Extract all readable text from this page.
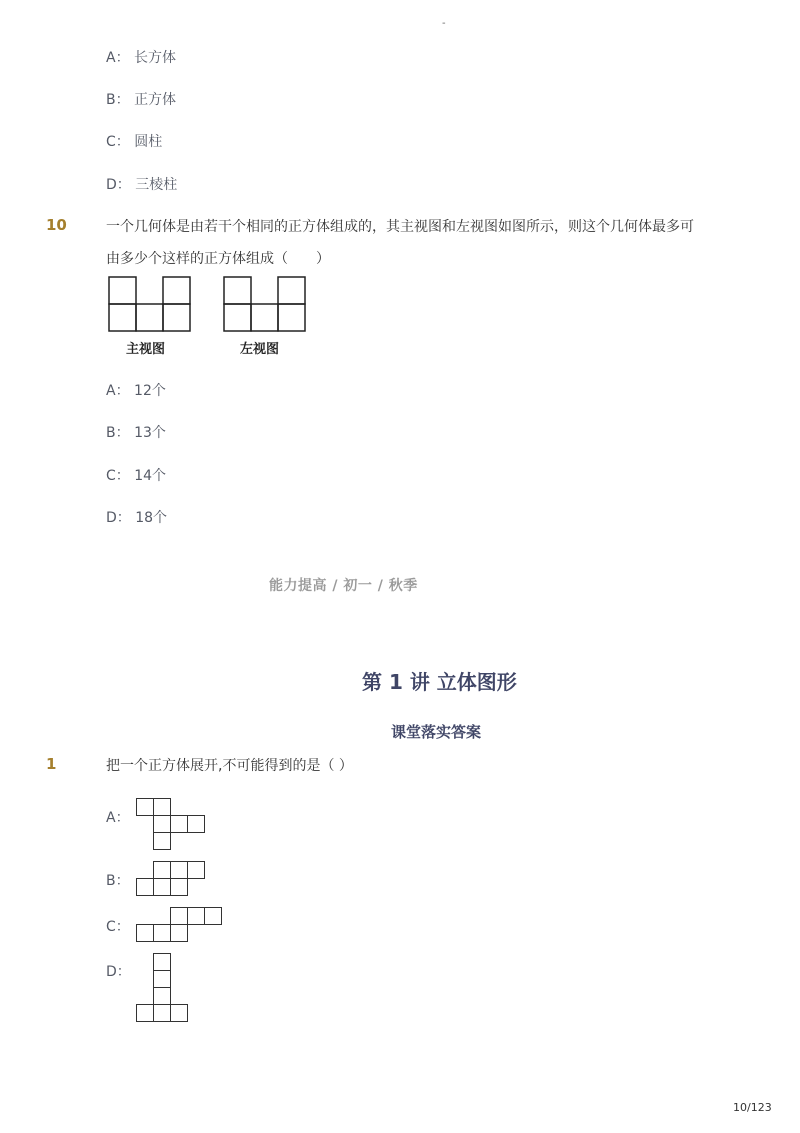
-
A： 长方体
B： 正方体
C： 圆柱
D： 三棱柱
10	一个几何体是由若干个相同的正方体组成的，其主视图和左视图如图所示，则这个几何体最多可
由多少个这样的正方体组成（　　）
主视图	左视图
A： 12个
B： 13个
C： 14个
D： 18个
能力提高 / 初一 / 秋季
第 1 讲 立体图形
课堂落实答案
1	把一个正方体展开,不可能得到的是（ ）
A：
B：
C：
D：
10/123
